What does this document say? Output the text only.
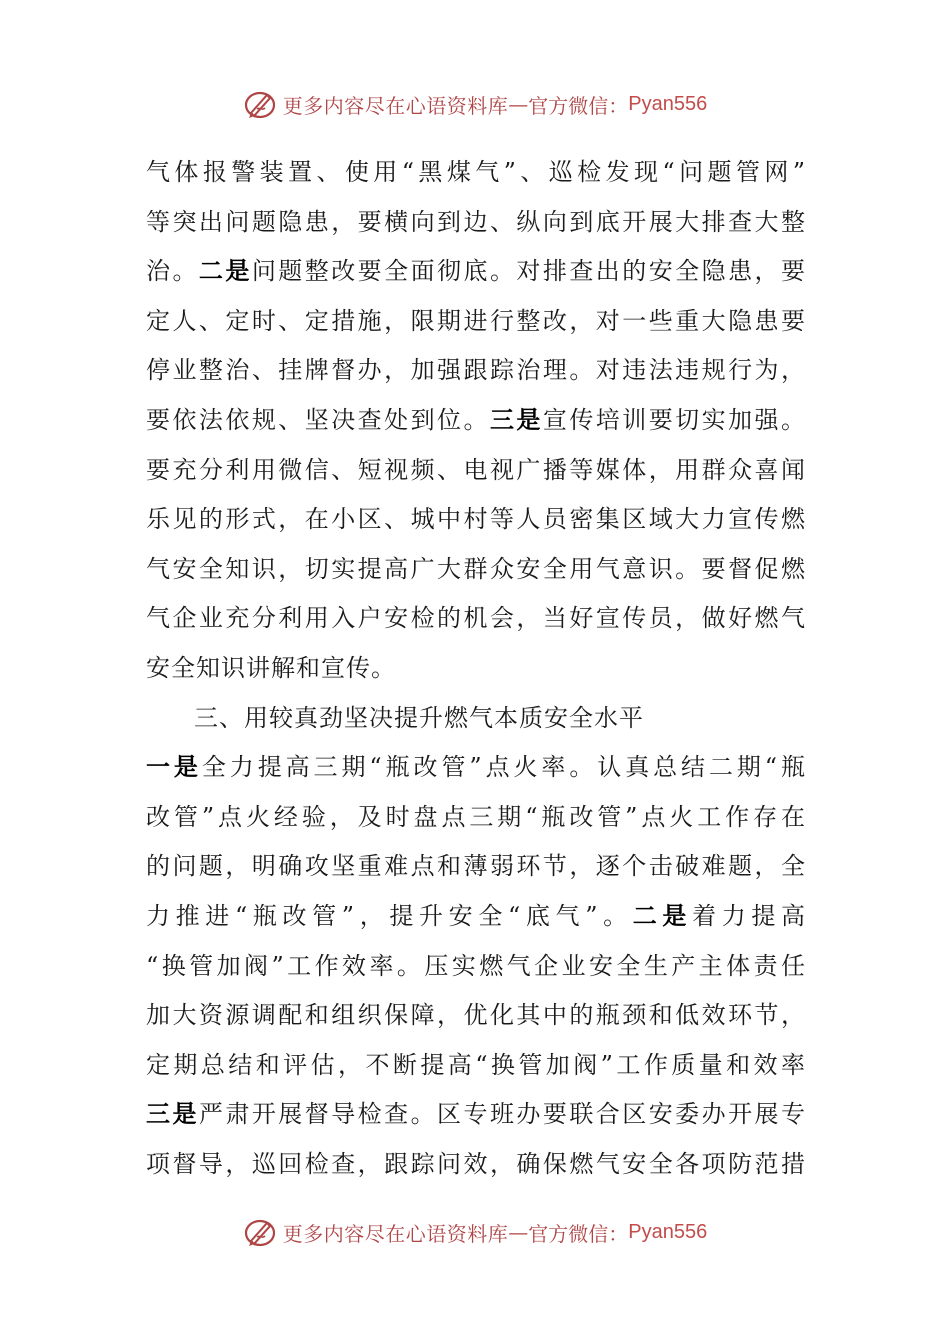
更多内容尽在心语资料库 — 官方微信： Pyan556
气体报警装置、使用“黑煤气”、巡检发现“问题管网”
等突出问题隐患，要横向到边、纵向到底开展大排查大整
治。二是问题整改要全面彻底。对排查出的安全隐患，要
定人、定时、定措施，限期进行整改，对一些重大隐患要
停业整治、挂牌督办，加强跟踪治理。对违法违规行为，
要依法依规、坚决查处到位。三是宣传培训要切实加强。
要充分利用微信、短视频、电视广播等媒体，用群众喜闻
乐见的形式，在小区、城中村等人员密集区域大力宣传燃
气安全知识，切实提高广大群众安全用气意识。要督促燃
气企业充分利用入户安检的机会，当好宣传员，做好燃气
安全知识讲解和宣传。
三、用较真劲坚决提升燃气本质安全水平
一是全力提高三期“瓶改管”点火率。认真总结二期“瓶
改管”点火经验，及时盘点三期“瓶改管”点火工作存在
的问题，明确攻坚重难点和薄弱环节，逐个击破难题，全
力推进“瓶改管”，提升安全“底气”。二是着力提高
“换管加阀”工作效率。压实燃气企业安全生产主体责任
加大资源调配和组织保障，优化其中的瓶颈和低效环节，
定期总结和评估，不断提高“换管加阀”工作质量和效率
三是严肃开展督导检查。区专班办要联合区安委办开展专
项督导，巡回检查，跟踪问效，确保燃气安全各项防范措
更多内容尽在心语资料库 — 官方微信： Pyan556
